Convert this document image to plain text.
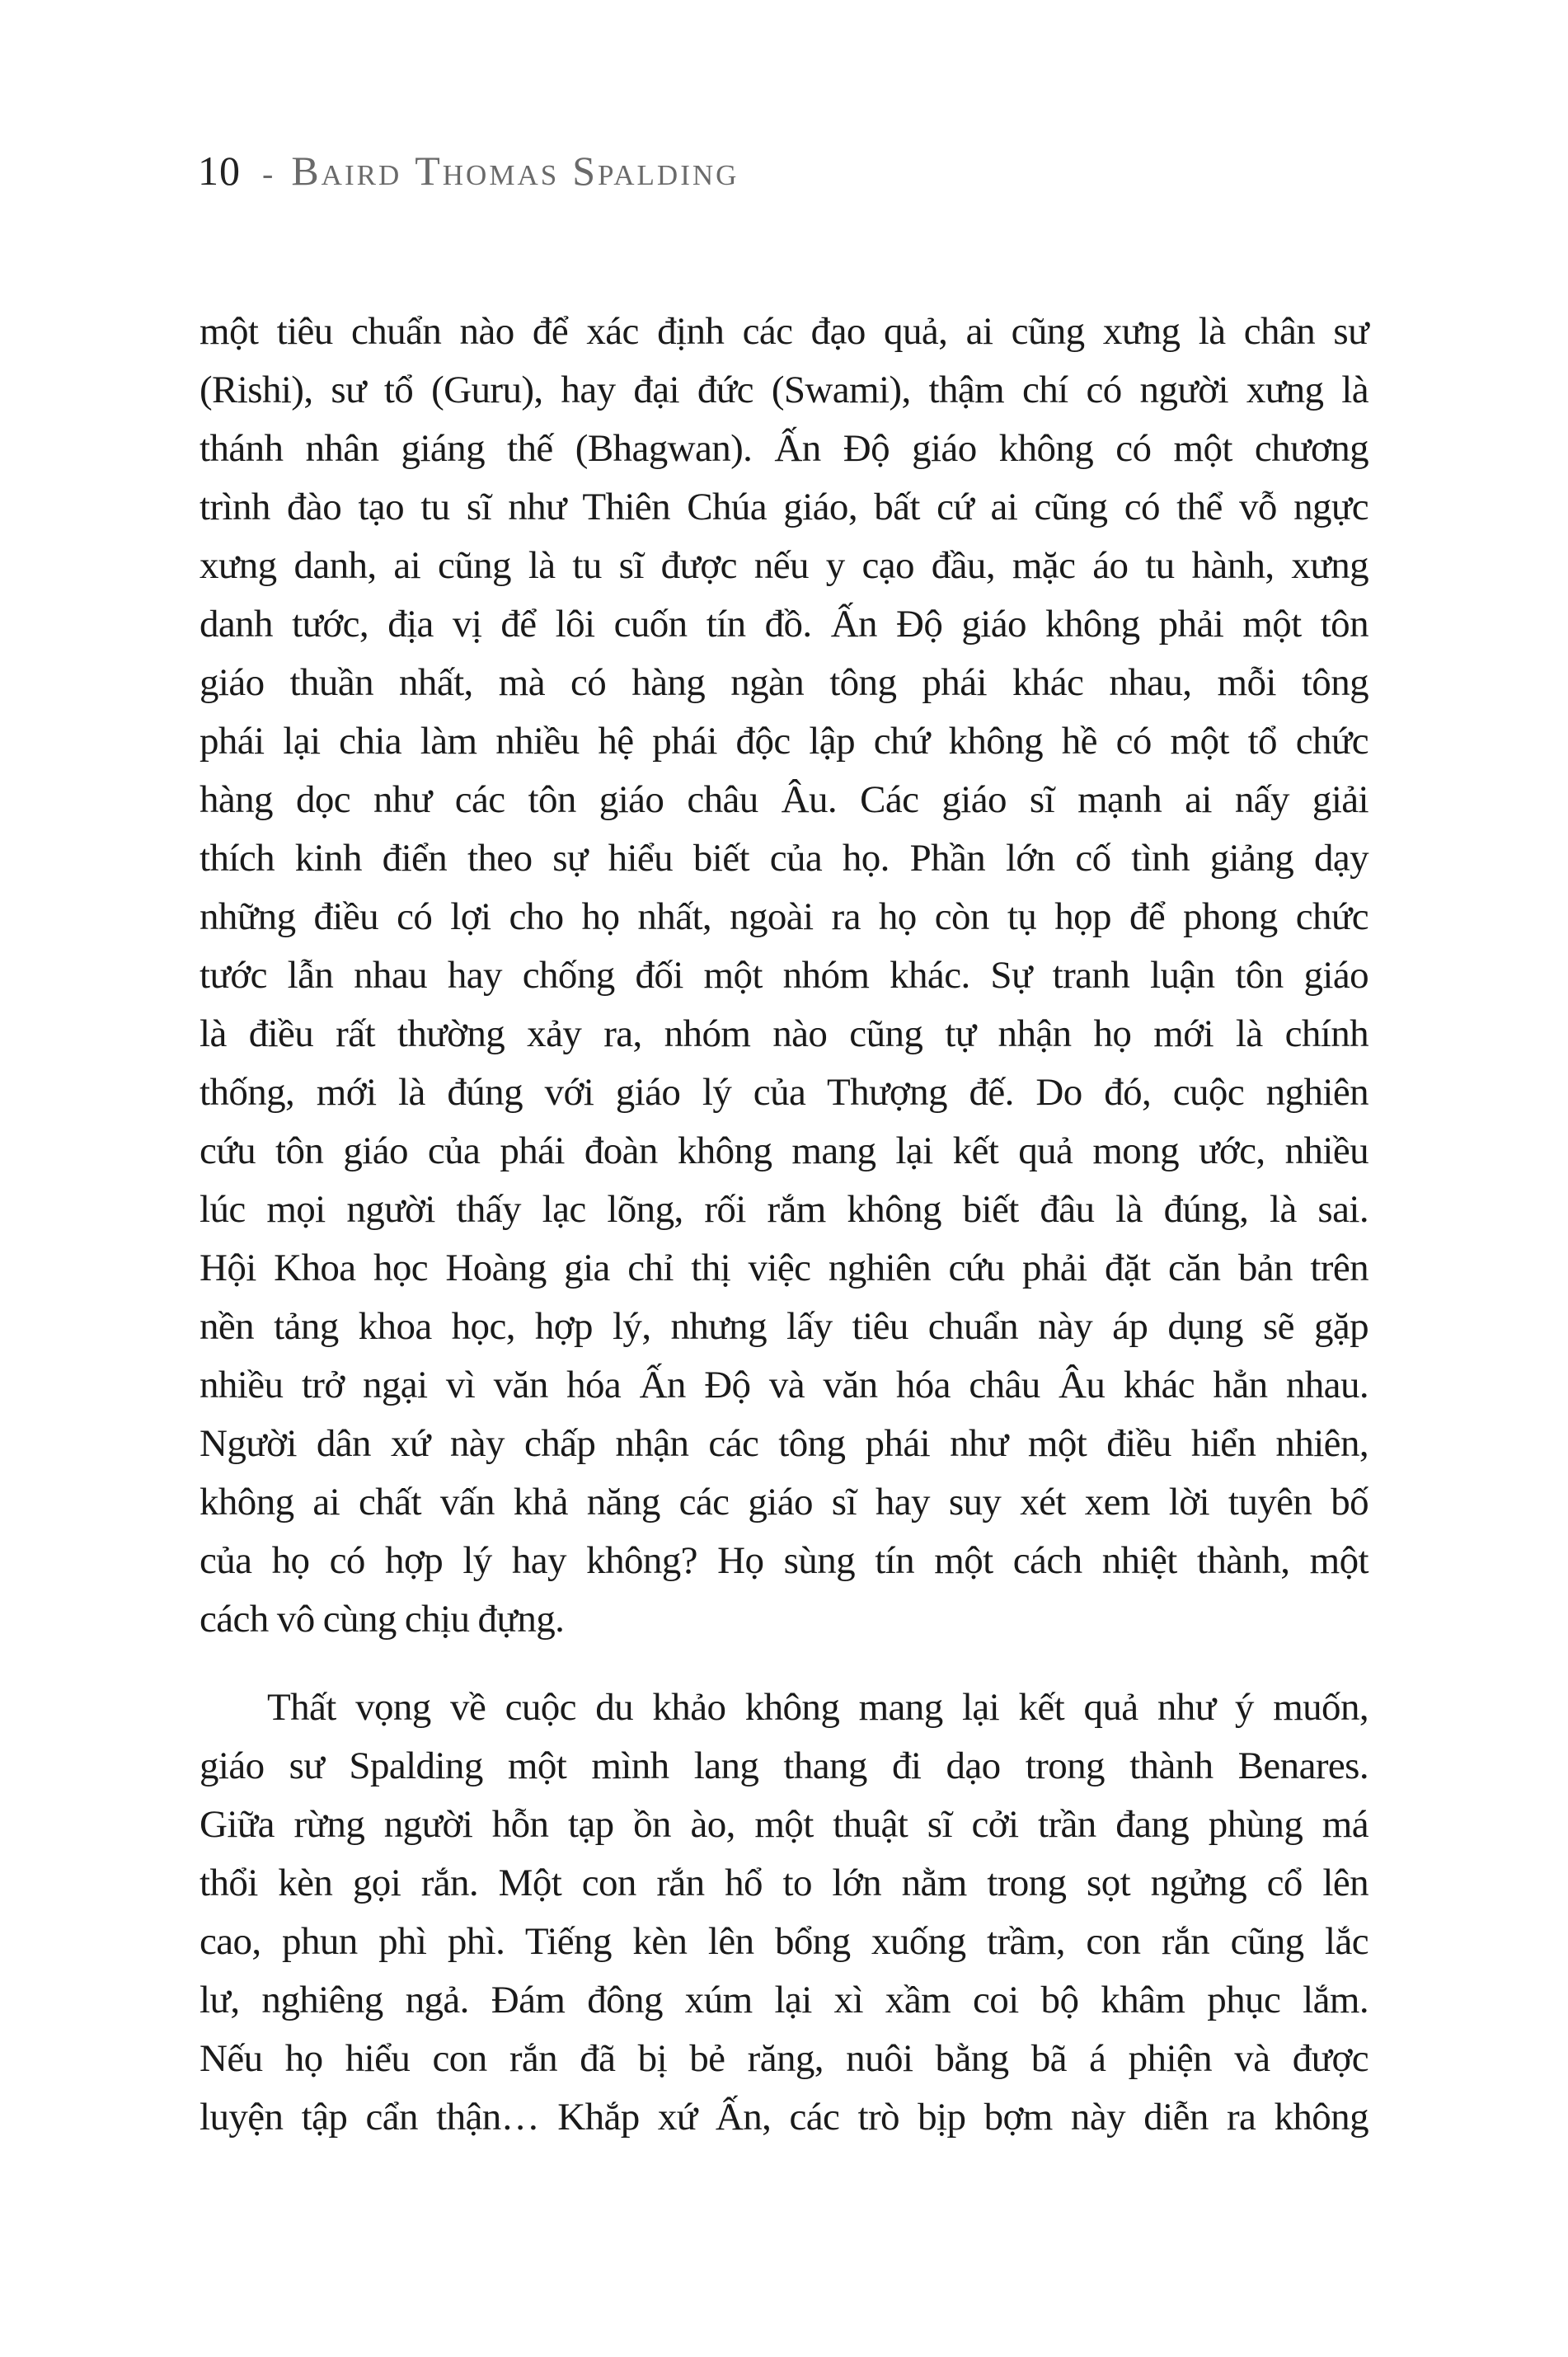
10 - Baird Thomas Spalding
một tiêu chuẩn nào để xác định các đạo quả, ai cũng xưng là chân sư
(Rishi), sư tổ (Guru), hay đại đức (Swami), thậm chí có người xưng là
thánh nhân giáng thế (Bhagwan). Ấn Độ giáo không có một chương
trình đào tạo tu sĩ như Thiên Chúa giáo, bất cứ ai cũng có thể vỗ ngực
xưng danh, ai cũng là tu sĩ được nếu y cạo đầu, mặc áo tu hành, xưng
danh tước, địa vị để lôi cuốn tín đồ. Ấn Độ giáo không phải một tôn
giáo thuần nhất, mà có hàng ngàn tông phái khác nhau, mỗi tông
phái lại chia làm nhiều hệ phái độc lập chứ không hề có một tổ chức
hàng dọc như các tôn giáo châu Âu. Các giáo sĩ mạnh ai nấy giải
thích kinh điển theo sự hiểu biết của họ. Phần lớn cố tình giảng dạy
những điều có lợi cho họ nhất, ngoài ra họ còn tụ họp để phong chức
tước lẫn nhau hay chống đối một nhóm khác. Sự tranh luận tôn giáo
là điều rất thường xảy ra, nhóm nào cũng tự nhận họ mới là chính
thống, mới là đúng với giáo lý của Thượng đế. Do đó, cuộc nghiên
cứu tôn giáo của phái đoàn không mang lại kết quả mong ước, nhiều
lúc mọi người thấy lạc lõng, rối rắm không biết đâu là đúng, là sai.
Hội Khoa học Hoàng gia chỉ thị việc nghiên cứu phải đặt căn bản trên
nền tảng khoa học, hợp lý, nhưng lấy tiêu chuẩn này áp dụng sẽ gặp
nhiều trở ngại vì văn hóa Ấn Độ và văn hóa châu Âu khác hẳn nhau.
Người dân xứ này chấp nhận các tông phái như một điều hiển nhiên,
không ai chất vấn khả năng các giáo sĩ hay suy xét xem lời tuyên bố
của họ có hợp lý hay không? Họ sùng tín một cách nhiệt thành, một
cách vô cùng chịu đựng.
Thất vọng về cuộc du khảo không mang lại kết quả như ý muốn,
giáo sư Spalding một mình lang thang đi dạo trong thành Benares.
Giữa rừng người hỗn tạp ồn ào, một thuật sĩ cởi trần đang phùng má
thổi kèn gọi rắn. Một con rắn hổ to lớn nằm trong sọt ngửng cổ lên
cao, phun phì phì. Tiếng kèn lên bổng xuống trầm, con rắn cũng lắc
lư, nghiêng ngả. Đám đông xúm lại xì xầm coi bộ khâm phục lắm.
Nếu họ hiểu con rắn đã bị bẻ răng, nuôi bằng bã á phiện và được
luyện tập cẩn thận… Khắp xứ Ấn, các trò bịp bợm này diễn ra không
